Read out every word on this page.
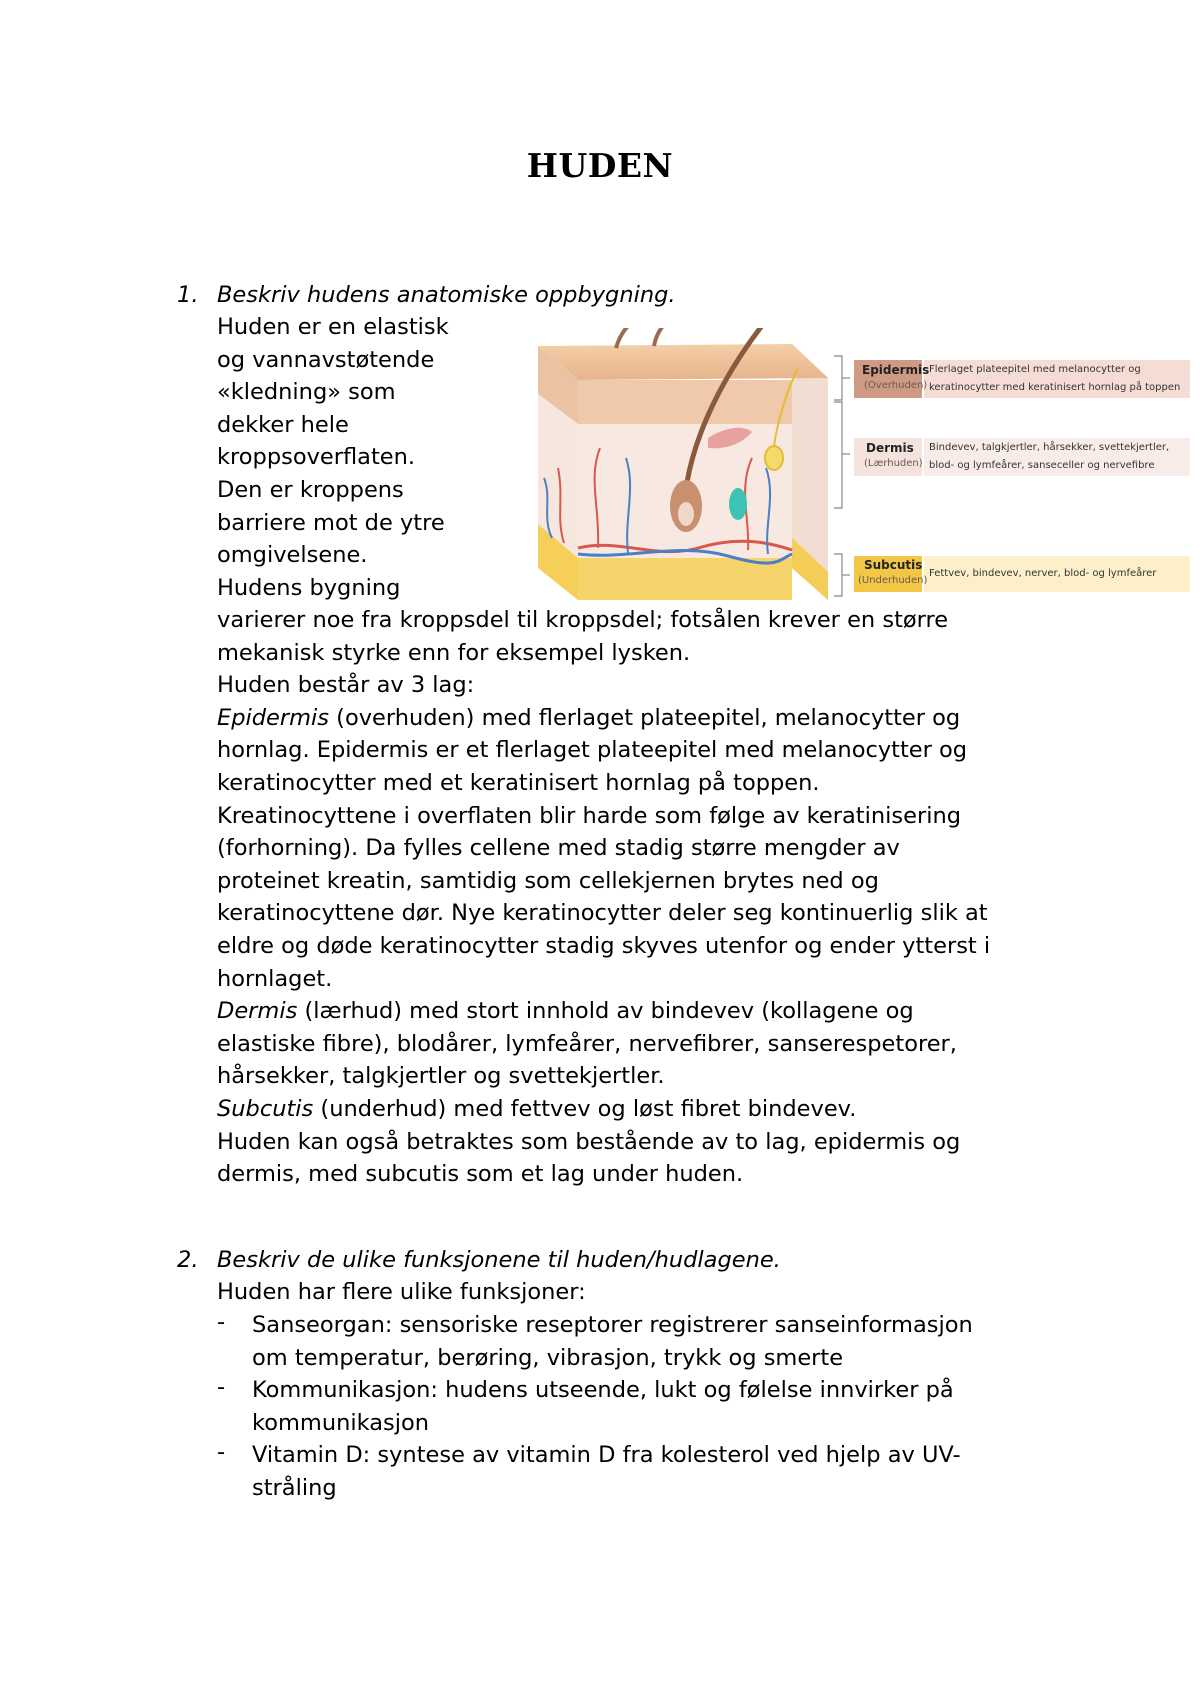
HUDEN
1. Beskriv hudens anatomiske oppbygning.
Huden er en elastisk
og vannavstøtende
«kledning» som
dekker hele
kroppsoverflaten.
Den er kroppens
barriere mot de ytre
omgivelsene.
Hudens bygning
varierer noe fra kroppsdel til kroppsdel; fotsålen krever en større
mekanisk styrke enn for eksempel lysken.
Huden består av 3 lag:
Epidermis (overhuden) med flerlaget plateepitel, melanocytter og
hornlag. Epidermis er et flerlaget plateepitel med melanocytter og
keratinocytter med et keratinisert hornlag på toppen.
Kreatinocyttene i overflaten blir harde som følge av keratinisering
(forhorning). Da fylles cellene med stadig større mengder av
proteinet kreatin, samtidig som cellekjernen brytes ned og
keratinocyttene dør. Nye keratinocytter deler seg kontinuerlig slik at
eldre og døde keratinocytter stadig skyves utenfor og ender ytterst i
hornlaget.
Dermis (lærhud) med stort innhold av bindevev (kollagene og
elastiske fibre), blodårer, lymfeårer, nervefibrer, sanserespetorer,
hårsekker, talgkjertler og svettekjertler.
Subcutis (underhud) med fettvev og løst fibret bindevev.
Huden kan også betraktes som bestående av to lag, epidermis og
dermis, med subcutis som et lag under huden.
Epidermis
(Overhuden)
Flerlaget plateepitel med melanocytter og
keratinocytter med keratinisert hornlag på toppen
Dermis
(Lærhuden)
Bindevev, talgkjertler, hårsekker, svettekjertler,
blod- og lymfeårer, sanseceller og nervefibre
Subcutis
(Underhuden)
Fettvev, bindevev, nerver, blod- og lymfeårer
2. Beskriv de ulike funksjonene til huden/hudlagene.
Huden har flere ulike funksjoner:
- Sanseorgan: sensoriske reseptorer registrerer sanseinformasjon
om temperatur, berøring, vibrasjon, trykk og smerte
- Kommunikasjon: hudens utseende, lukt og følelse innvirker på
kommunikasjon
- Vitamin D: syntese av vitamin D fra kolesterol ved hjelp av UV-
stråling
